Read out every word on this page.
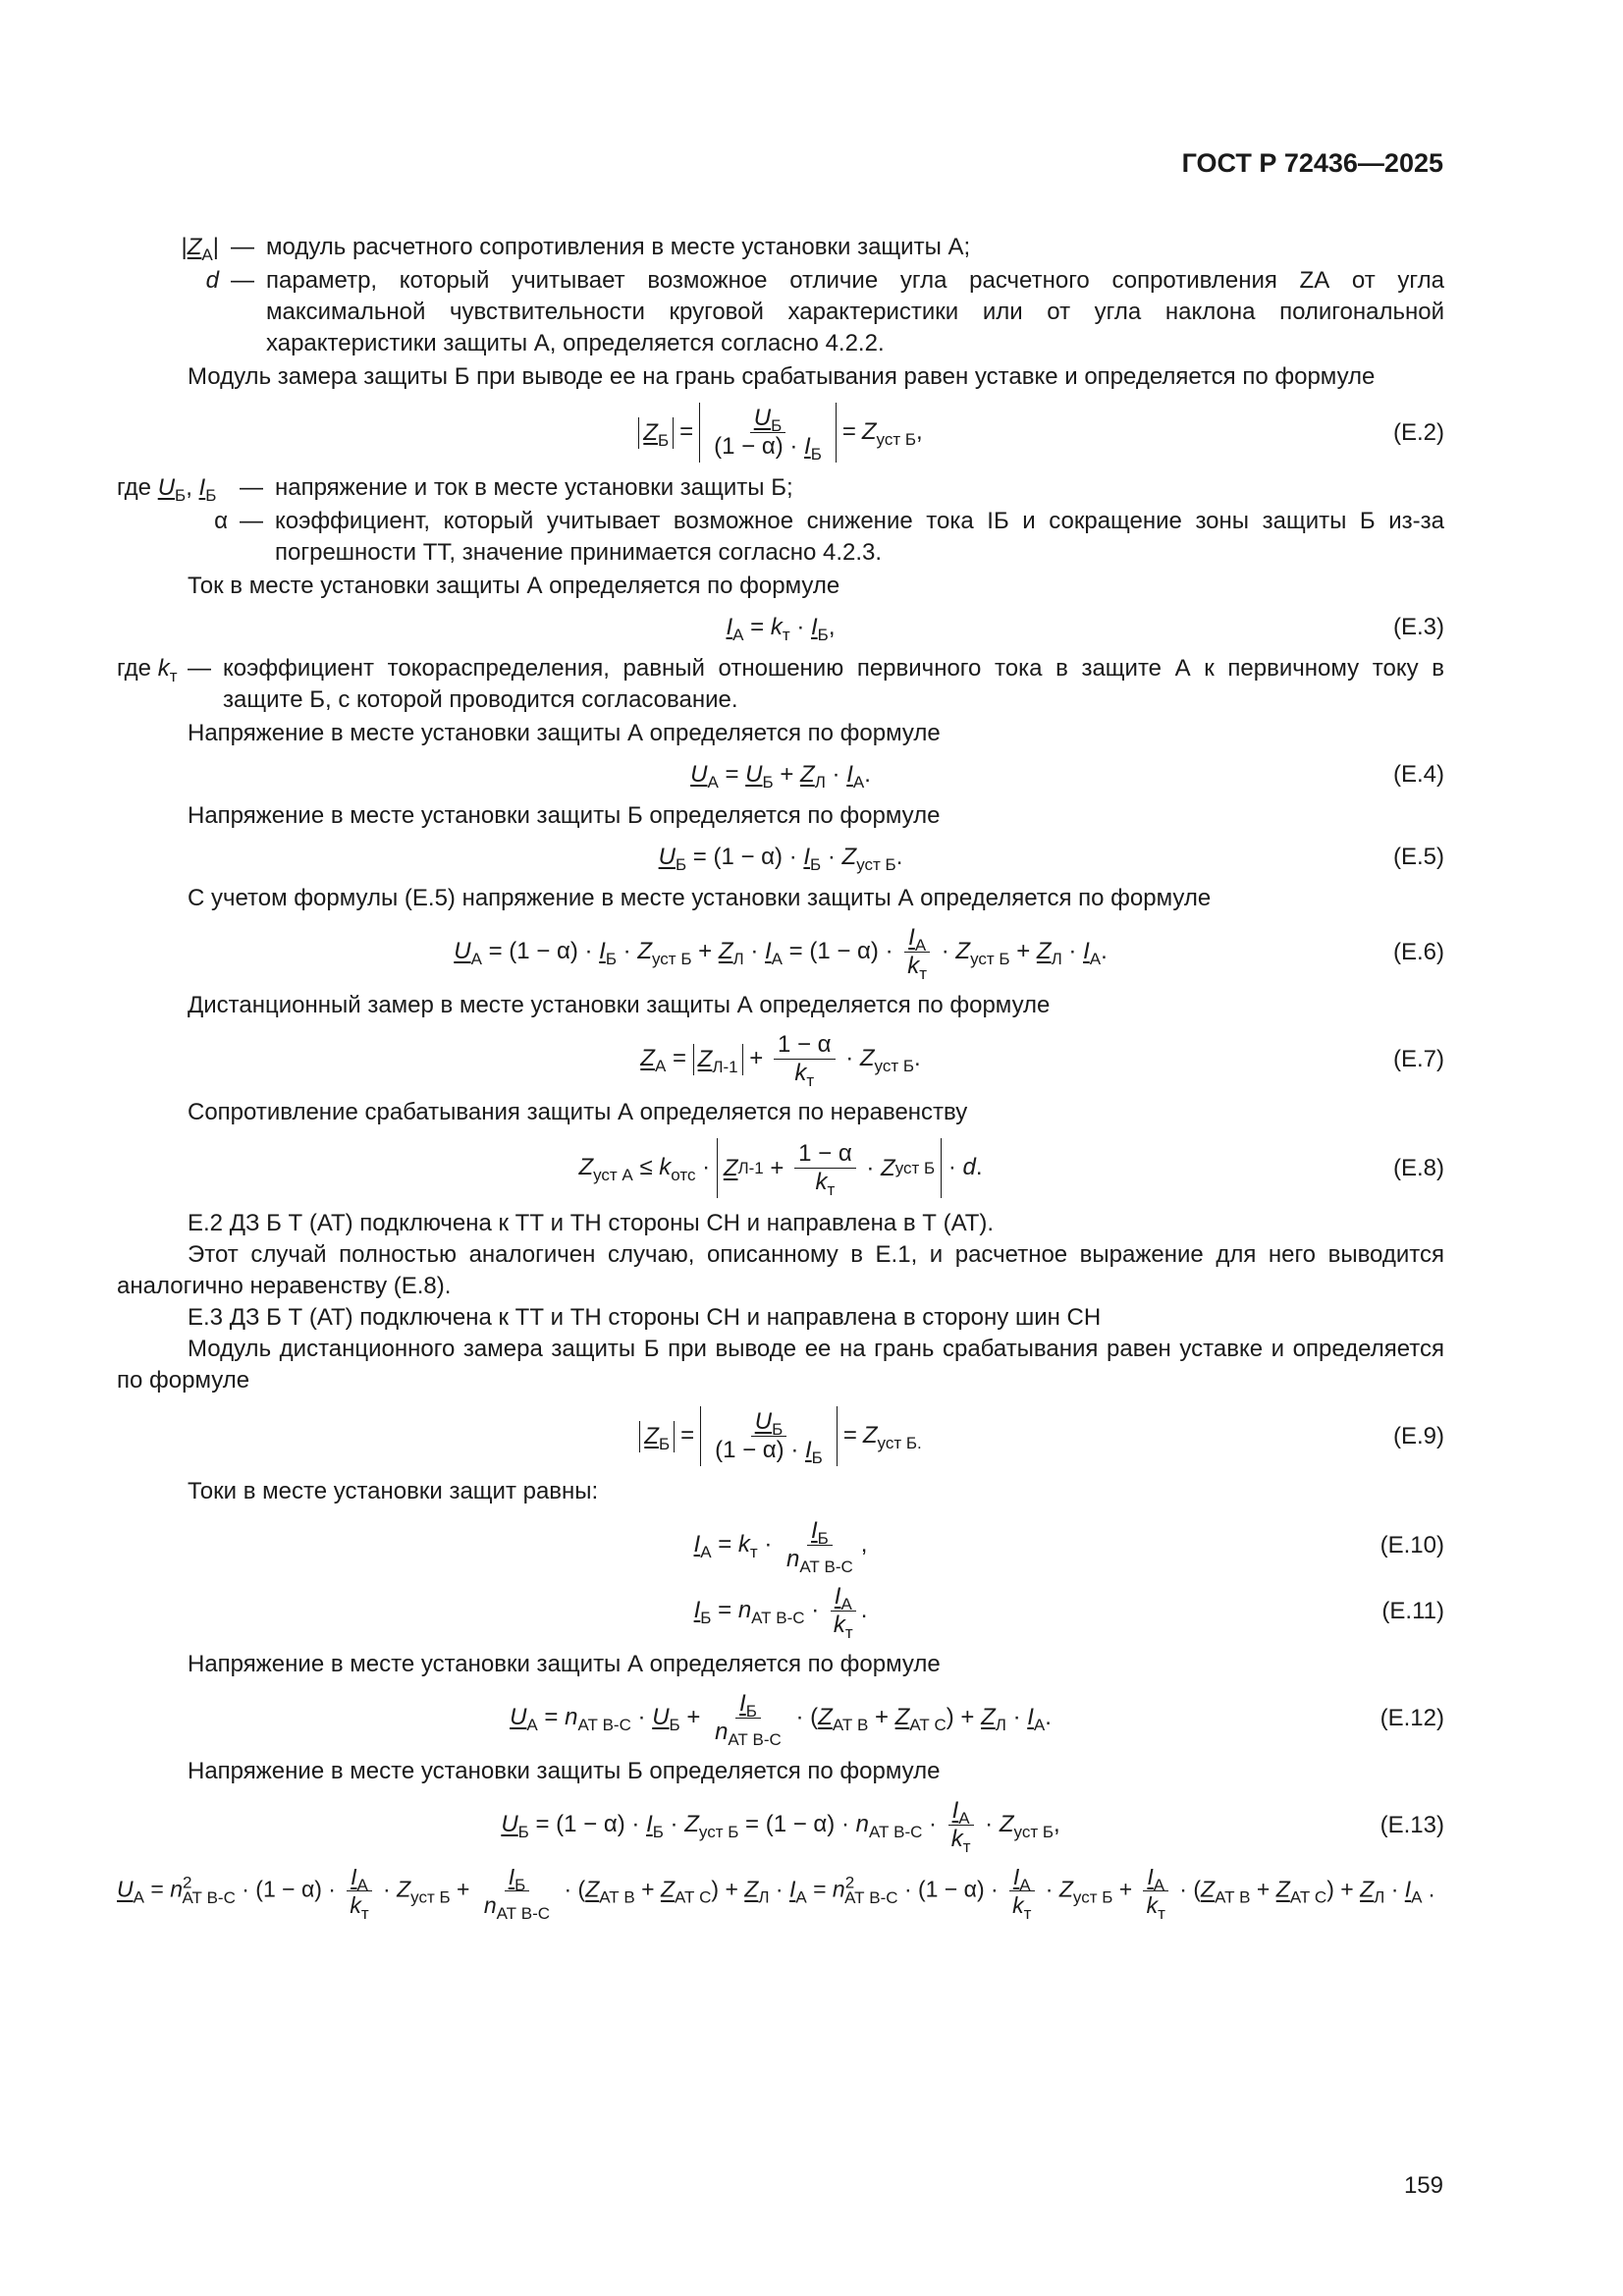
ГОСТ Р 72436—2025
$|Z_А|$ — модуль расчетного сопротивления в месте установки защиты А;
d — параметр, который учитывает возможное отличие угла расчетного сопротивления ZА от угла максимальной чувствительности круговой характеристики или от угла наклона полигональной характеристики защиты А, определяется согласно 4.2.2.

Модуль замера защиты Б при выводе ее на грань срабатывания равен уставке и определяется по формуле

$Z_Б = \frac{U_Б}{(1 - \alpha) \cdot I_Б} = Z_{уст Б}$,	(Е.2)
где $U_Б$, $I_Б$ — напряжение и ток в месте установки защиты Б;
α — коэффициент, который учитывает возможное снижение тока IБ и сокращение зоны защиты Б из-за погрешности ТТ, значение принимается согласно 4.2.3.

Ток в месте установки защиты А определяется по формуле

$I_А = k_т \cdot I_Б$,	(Е.3)
где $k_т$ — коэффициент токораспределения, равный отношению первичного тока в защите А к первичному току в защите Б, с которой проводится согласование.

Напряжение в месте установки защиты А определяется по формуле

$U_А = U_Б + Z_Л \cdot I_А$.	(Е.4)

Напряжение в месте установки защиты Б определяется по формуле

$U_Б = (1 - \alpha) \cdot I_Б \cdot Z_{уст Б}$.	(Е.5)

С учетом формулы (Е.5) напряжение в месте установки защиты А определяется по формуле

$U_А = (1 - \alpha) \cdot I_Б \cdot Z_{уст Б} + Z_Л \cdot I_А = (1 - \alpha) \cdot \frac{I_А}{k_т} \cdot Z_{уст Б} + Z_Л \cdot I_А$.	(Е.6)

Дистанционный замер в месте установки защиты А определяется по формуле

$Z_А = Z_{Л-1} + \frac{1 - \alpha}{k_т} \cdot Z_{уст Б}$.	(Е.7)

Сопротивление срабатывания защиты А определяется по неравенству

$Z_{уст А} \le k_{отс} \cdot Z$ $Л-1 + \frac{1 - \alpha}{k_т} \cdot Z$ уст Б · d.	(Е.8)

Е.2 ДЗ Б Т (АТ) подключена к ТТ и ТН стороны СН и направлена в Т (АТ).

Этот случай полностью аналогичен случаю, описанному в Е.1, и расчетное выражение для него выводится аналогично неравенству (Е.8).

Е.3 ДЗ Б Т (АТ) подключена к ТТ и ТН стороны СН и направлена в сторону шин СН

Модуль дистанционного замера защиты Б при выводе ее на грань срабатывания равен уставке и определяется по формуле

$Z_Б = \frac{U_Б}{(1 - \alpha) \cdot I_Б} = Z_{уст Б.}$	(Е.9)

Токи в месте установки защит равны:

$I_А = k_т \cdot \frac{I_Б}{n_{АТ В-С}}$ ,	(Е.10)
$I_Б = n_{АТ В-С} \cdot \frac{I_А}{k_т}$ .	(Е.11)

Напряжение в месте установки защиты А определяется по формуле

$U_А = n_{АТ В-С} \cdot U_Б + \frac{I_Б}{n_{АТ В-С}} \cdot (Z_{АТ В} + Z_{АТ С}) + Z_Л \cdot I_А$.	(Е.12)

Напряжение в месте установки защиты Б определяется по формуле

$U_Б = (1 - \alpha) \cdot I_Б \cdot Z_{уст Б} = (1 - \alpha) \cdot n_{АТ В-С} \cdot \frac{I_А}{k_т} \cdot Z_{уст Б}$,	(Е.13)
$U_А = n^2_{АТ В-С} \cdot (1 - \alpha) \cdot \frac{I_А}{k_т} \cdot Z_{уст Б} + \frac{I_Б}{n_{АТ В-С}} \cdot (Z_{АТ В} + Z_{АТ С}) + Z_Л \cdot I_А = n^2_{АТ В-С} \cdot (1 - \alpha) \cdot \frac{I_А}{k_т} \cdot Z_{уст Б} + \frac{I_А}{k_т} \cdot (Z_{АТ В} + Z_{АТ С}) + Z_Л \cdot I_А$ .
159
